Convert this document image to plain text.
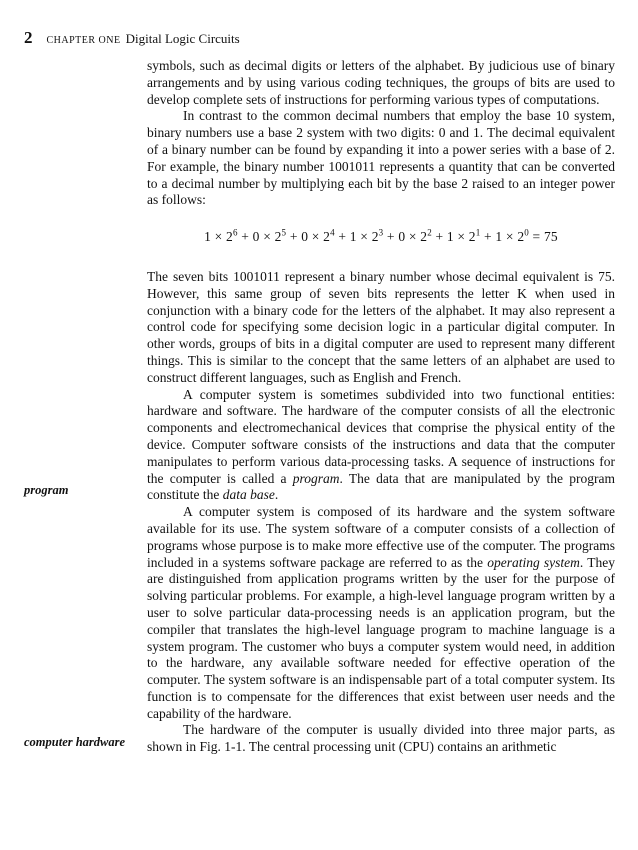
2 CHAPTER ONE Digital Logic Circuits
program
computer hardware

symbols, such as decimal digits or letters of the alphabet. By judicious use of binary arrangements and by using various coding techniques, the groups of bits are used to develop complete sets of instructions for performing various types of computations.

In contrast to the common decimal numbers that employ the base 10 system, binary numbers use a base 2 system with two digits: 0 and 1. The decimal equivalent of a binary number can be found by expanding it into a power series with a base of 2. For example, the binary number 1001011 represents a quantity that can be converted to a decimal number by multiplying each bit by the base 2 raised to an integer power as follows:

$1 \times 2^6 + 0 \times 2^5 + 0 \times 2^4 + 1 \times 2^3 + 0 \times 2^2 + 1 \times 2^1 + 1 \times 2^0 = 75$

The seven bits 1001011 represent a binary number whose decimal equivalent is 75. However, this same group of seven bits represents the letter K when used in conjunction with a binary code for the letters of the alphabet. It may also represent a control code for specifying some decision logic in a particular digital computer. In other words, groups of bits in a digital computer are used to represent many different things. This is similar to the concept that the same letters of an alphabet are used to construct different languages, such as English and French.

A computer system is sometimes subdivided into two functional entities: hardware and software. The hardware of the computer consists of all the electronic components and electromechanical devices that comprise the physical entity of the device. Computer software consists of the instructions and data that the computer manipulates to perform various data-processing tasks. A sequence of instructions for the computer is called a program. The data that are manipulated by the program constitute the data base.

A computer system is composed of its hardware and the system software available for its use. The system software of a computer consists of a collection of programs whose purpose is to make more effective use of the computer. The programs included in a systems software package are referred to as the operating system. They are distinguished from application programs written by the user for the purpose of solving particular problems. For example, a high-level language program written by a user to solve particular data-processing needs is an application program, but the compiler that translates the high-level language program to machine language is a system program. The customer who buys a computer system would need, in addition to the hardware, any available software needed for effective operation of the computer. The system software is an indispensable part of a total computer system. Its function is to compensate for the differences that exist between user needs and the capability of the hardware.

The hardware of the computer is usually divided into three major parts, as shown in Fig. 1-1. The central processing unit (CPU) contains an arithmetic
